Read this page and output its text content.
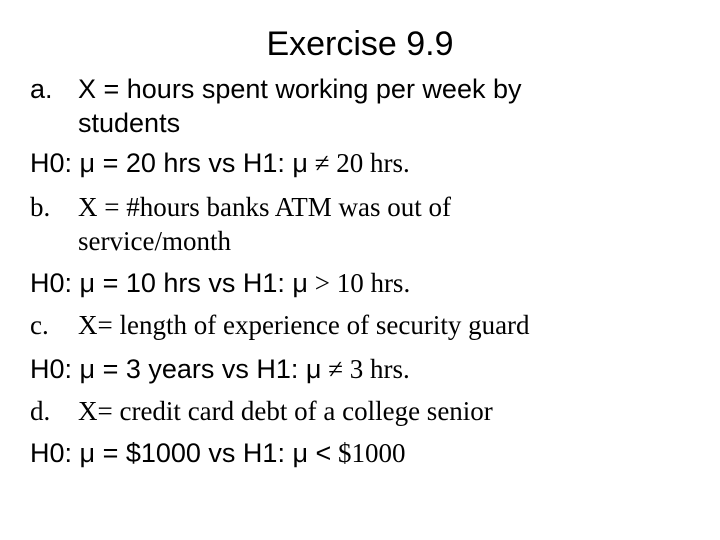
Exercise 9.9
a. X = hours spent working per week by
students
H0: μ = 20 hrs vs H1: μ ≠ 20 hrs.
b. X = #hours banks ATM was out of
service/month
H0: μ = 10 hrs vs H1: μ > 10 hrs.
c. X= length of experience of security guard
H0: μ = 3 years vs H1: μ ≠ 3 hrs.
d. X= credit card debt of a college senior
H0: μ = $1000 vs H1: μ < $1000
